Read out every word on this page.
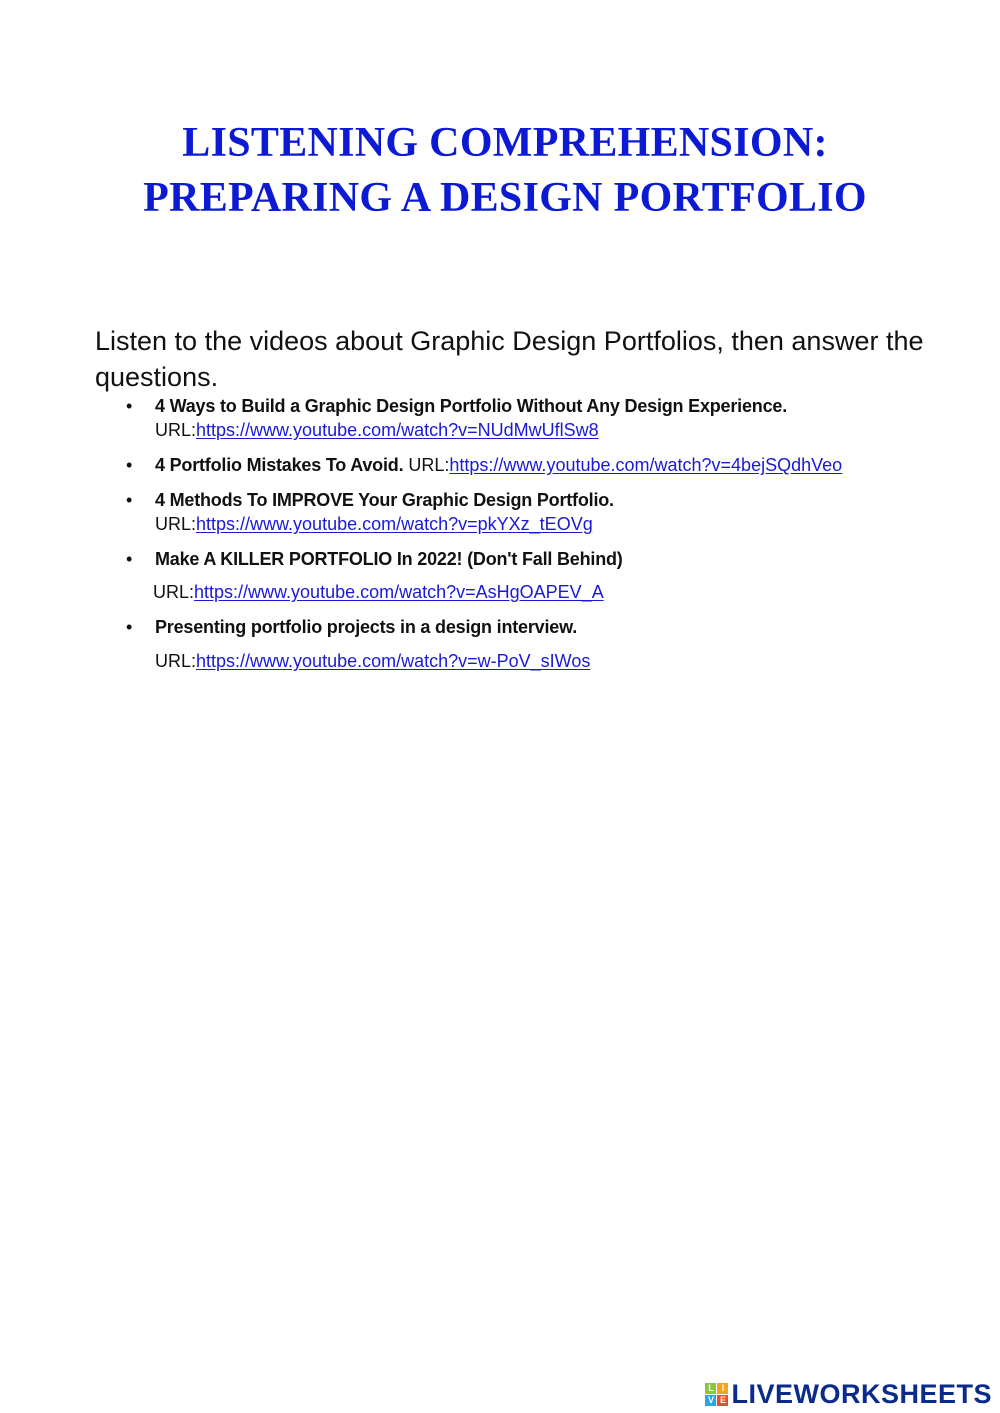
LISTENING COMPREHENSION:
PREPARING A DESIGN PORTFOLIO

Listen to the videos about Graphic Design Portfolios, then answer the questions.

• 4 Ways to Build a Graphic Design Portfolio Without Any Design Experience.
URL:https://www.youtube.com/watch?v=NUdMwUflSw8
• 4 Portfolio Mistakes To Avoid. URL:https://www.youtube.com/watch?v=4bejSQdhVeo
• 4 Methods To IMPROVE Your Graphic Design Portfolio.
URL:https://www.youtube.com/watch?v=pkYXz_tEOVg
• Make A KILLER PORTFOLIO In 2022! (Don't Fall Behind)
URL:https://www.youtube.com/watch?v=AsHgOAPEV_A
• Presenting portfolio projects in a design interview.
URL:https://www.youtube.com/watch?v=w-PoV_sIWos
L I
V E LIVEWORKSHEETS
